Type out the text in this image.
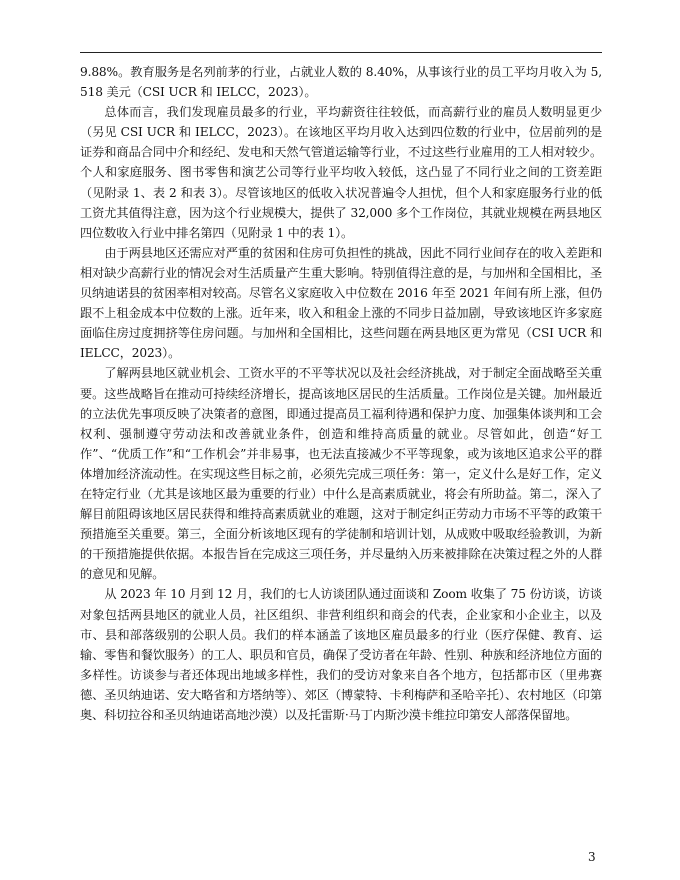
9.88%。教育服务是名列前茅的行业，占就业人数的 8.40%，从事该行业的员工平均月收入为 5,518 美元（CSI UCR 和 IELCC，2023）。

总体而言，我们发现雇员最多的行业，平均薪资往往较低，而高薪行业的雇员人数明显更少（另见 CSI UCR 和 IELCC，2023）。在该地区平均月收入达到四位数的行业中，位居前列的是证券和商品合同中介和经纪、发电和天然气管道运输等行业，不过这些行业雇用的工人相对较少。个人和家庭服务、图书零售和演艺公司等行业平均收入较低，这凸显了不同行业之间的工资差距（见附录 1、表 2 和表 3）。尽管该地区的低收入状况普遍令人担忧，但个人和家庭服务行业的低工资尤其值得注意，因为这个行业规模大，提供了 32,000 多个工作岗位，其就业规模在两县地区四位数收入行业中排名第四（见附录 1 中的表 1）。

由于两县地区还需应对严重的贫困和住房可负担性的挑战，因此不同行业间存在的收入差距和相对缺少高薪行业的情况会对生活质量产生重大影响。特别值得注意的是，与加州和全国相比，圣贝纳迪诺县的贫困率相对较高。尽管名义家庭收入中位数在 2016 年至 2021 年间有所上涨，但仍跟不上租金成本中位数的上涨。近年来，收入和租金上涨的不同步日益加剧，导致该地区许多家庭面临住房过度拥挤等住房问题。与加州和全国相比，这些问题在两县地区更为常见（CSI UCR 和 IELCC，2023）。

了解两县地区就业机会、工资水平的不平等状况以及社会经济挑战，对于制定全面战略至关重要。这些战略旨在推动可持续经济增长，提高该地区居民的生活质量。工作岗位是关键。加州最近的立法优先事项反映了决策者的意图，即通过提高员工福利待遇和保护力度、加强集体谈判和工会权利、强制遵守劳动法和改善就业条件，创造和维持高质量的就业。尽管如此，创造“好工作”、“优质工作”和“工作机会”并非易事，也无法直接减少不平等现象，或为该地区追求公平的群体增加经济流动性。在实现这些目标之前，必须先完成三项任务：第一，定义什么是好工作，定义在特定行业（尤其是该地区最为重要的行业）中什么是高素质就业，将会有所助益。第二，深入了解目前阻碍该地区居民获得和维持高素质就业的难题，这对于制定纠正劳动力市场不平等的政策干预措施至关重要。第三，全面分析该地区现有的学徒制和培训计划，从成败中吸取经验教训，为新的干预措施提供依据。本报告旨在完成这三项任务，并尽量纳入历来被排除在决策过程之外的人群的意见和见解。

从 2023 年 10 月到 12 月，我们的七人访谈团队通过面谈和 Zoom 收集了 75 份访谈，访谈对象包括两县地区的就业人员，社区组织、非营利组织和商会的代表，企业家和小企业主，以及市、县和部落级别的公职人员。我们的样本涵盖了该地区雇员最多的行业（医疗保健、教育、运输、零售和餐饮服务）的工人、职员和官员，确保了受访者在年龄、性别、种族和经济地位方面的多样性。访谈参与者还体现出地域多样性，我们的受访对象来自各个地方，包括都市区（里弗赛德、圣贝纳迪诺、安大略省和方塔纳等）、郊区（博蒙特、卡利梅萨和圣哈辛托）、农村地区（印第奥、科切拉谷和圣贝纳迪诺高地沙漠）以及托雷斯·马丁内斯沙漠卡维拉印第安人部落保留地。

3
